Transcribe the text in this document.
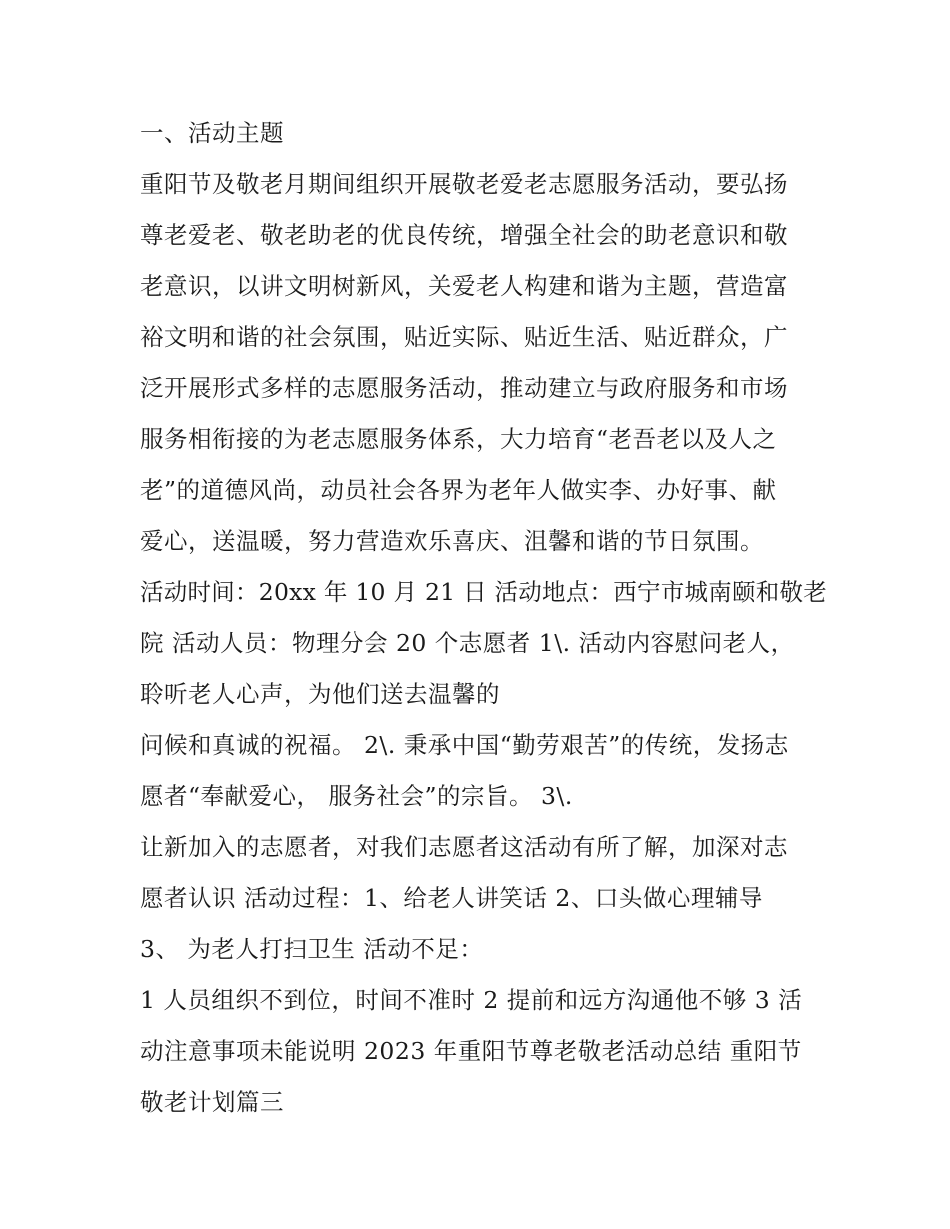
一、活动主题
重阳节及敬老月期间组织开展敬老爱老志愿服务活动，要弘扬
尊老爱老、敬老助老的优良传统，增强全社会的助老意识和敬
老意识，以讲文明树新风，关爱老人构建和谐为主题，营造富
裕文明和谐的社会氛围，贴近实际、贴近生活、贴近群众，广
泛开展形式多样的志愿服务活动，推动建立与政府服务和市场
服务相衔接的为老志愿服务体系，大力培育“老吾老以及人之
老”的道德风尚，动员社会各界为老年人做实李、办好事、献
爱心，送温暖，努力营造欢乐喜庆、沮馨和谐的节日氛围。
活动时间：20xx 年 10 月 21 日 活动地点：西宁市城南颐和敬老
院 活动人员：物理分会 20 个志愿者 1\. 活动内容慰问老人，
聆听老人心声，为他们送去温馨的
问候和真诚的祝福。 2\. 秉承中国“勤劳艰苦”的传统，发扬志
愿者“奉献爱心， 服务社会”的宗旨。 3\.
让新加入的志愿者，对我们志愿者这活动有所了解，加深对志
愿者认识 活动过程：1、给老人讲笑话 2、口头做心理辅导
3、 为老人打扫卫生 活动不足：
1 人员组织不到位，时间不准时 2 提前和远方沟通他不够 3 活
动注意事项未能说明 2023 年重阳节尊老敬老活动总结 重阳节
敬老计划篇三
